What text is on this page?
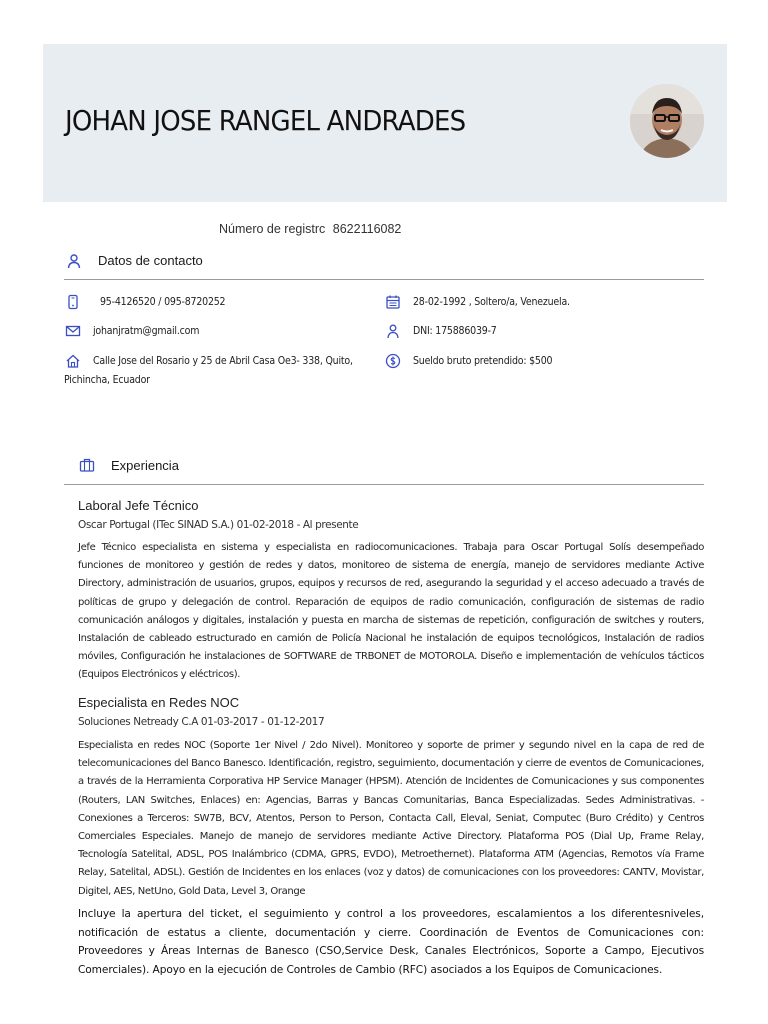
JOHAN JOSE RANGEL ANDRADES
Número de registrc 8622116082
Datos de contacto
95-4126520 / 095-8720252	28-02-1992 , Soltero/a, Venezuela.
johanjratm@gmail.com	DNI: 175886039-7
Calle Jose del Rosario y 25 de Abril Casa Oe3- 338, Quito,
Pichincha, Ecuador
Sueldo bruto pretendido: $500
Experiencia
Laboral Jefe Técnico
Oscar Portugal (ITec SINAD S.A.) 01-02-2018 - Al presente

Jefe Técnico especialista en sistema y especialista en radiocomunicaciones. Trabaja para Oscar Portugal Solís desempeñado funciones de monitoreo y gestión de redes y datos, monitoreo de sistema de energía, manejo de servidores mediante Active Directory, administración de usuarios, grupos, equipos y recursos de red, asegurando la seguridad y el acceso adecuado a través de políticas de grupo y delegación de control. Reparación de equipos de radio comunicación, configuración de sistemas de radio comunicación análogos y digitales, instalación y puesta en marcha de sistemas de repetición, configuración de switches y routers, Instalación de cableado estructurado en camión de Policía Nacional he instalación de equipos tecnológicos, Instalación de radios móviles, Configuración he instalaciones de SOFTWARE de TRBONET de MOTOROLA. Diseño e implementación de vehículos tácticos (Equipos Electrónicos y eléctricos).

Especialista en Redes NOC
Soluciones Netready C.A 01-03-2017 - 01-12-2017

Especialista en redes NOC (Soporte 1er Nivel / 2do Nivel). Monitoreo y soporte de primer y segundo nivel en la capa de red de telecomunicaciones del Banco Banesco. Identificación, registro, seguimiento, documentación y cierre de eventos de Comunicaciones, a través de la Herramienta Corporativa HP Service Manager (HPSM). Atención de Incidentes de Comunicaciones y sus componentes (Routers, LAN Switches, Enlaces) en: Agencias, Barras y Bancas Comunitarias, Banca Especializadas. Sedes Administrativas. - Conexiones a Terceros: SW7B, BCV, Atentos, Person to Person, Contacta Call, Eleval, Seniat, Computec (Buro Crédito) y Centros Comerciales Especiales. Manejo de manejo de servidores mediante Active Directory. Plataforma POS (Dial Up, Frame Relay, Tecnología Satelital, ADSL, POS Inalámbrico (CDMA, GPRS, EVDO), Metroethernet). Plataforma ATM (Agencias, Remotos vía Frame Relay, Satelital, ADSL). Gestión de Incidentes en los enlaces (voz y datos) de comunicaciones con los proveedores: CANTV, Movistar, Digitel, AES, NetUno, Gold Data, Level 3, Orange

Incluye la apertura del ticket, el seguimiento y control a los proveedores, escalamientos a los diferentesniveles, notificación de estatus a cliente, documentación y cierre. Coordinación de Eventos de Comunicaciones con: Proveedores y Áreas Internas de Banesco (CSO,Service Desk, Canales Electrónicos, Soporte a Campo, Ejecutivos Comerciales). Apoyo en la ejecución de Controles de Cambio (RFC) asociados a los Equipos de Comunicaciones.
